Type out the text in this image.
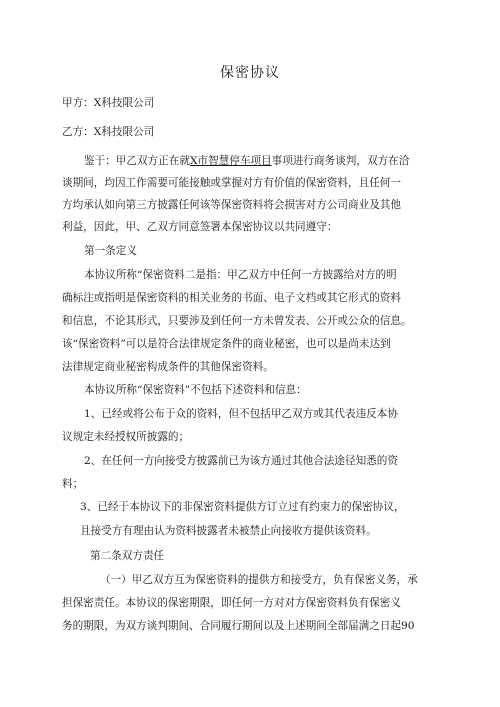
保密协议
甲方：X科技限公司
乙方：X科技限公司
鉴于：甲乙双方正在就X市智慧停车项目事项进行商务谈判，双方在洽
谈期间，均因工作需要可能接触或掌握对方有价值的保密资料，且任何一
方均承认如向第三方披露任何该等保密资料将会损害对方公司商业及其他
利益，因此，甲、乙双方同意签署本保密协议以共同遵守：
第一条定义
本协议所称“保密资料二是指：甲乙双方中任何一方披露给对方的明
确标注或指明是保密资料的相关业务的书面、电子文档或其它形式的资料
和信息，不论其形式，只要涉及到任何一方未曾发表、公开或公众的信息。
该“保密资料”可以是符合法律规定条件的商业秘密，也可以是尚未达到
法律规定商业秘密构成条件的其他保密资料。
本协议所称“保密资料”不包括下述资料和信息：
1、已经或将公布于众的资料，但不包括甲乙双方或其代表违反本协
议规定未经授权所披露的；
2、在任何一方向接受方披露前已为该方通过其他合法途径知悉的资
料；
3、已经于本协议下的非保密资料提供方订立过有约束力的保密协议，
且接受方有理由认为资料披露者未被禁止向接收方提供该资料。
第二条双方责任
（一）甲乙双方互为保密资料的提供方和接受方，负有保密义务，承
担保密责任。本协议的保密期限，即任何一方对对方保密资料负有保密义
务的期限，为双方谈判期间、合同履行期间以及上述期间全部届满之日起90
